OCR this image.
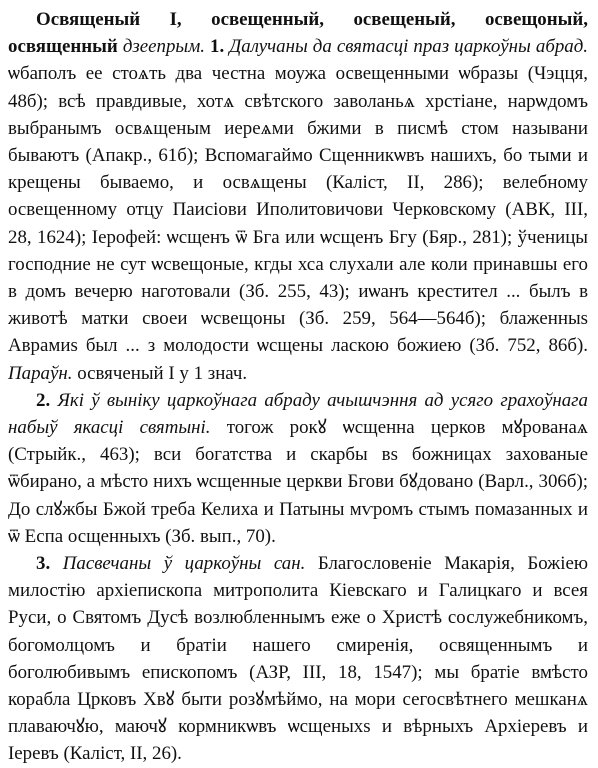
Освященый І, освещенный, освещеный, освещоный, освященный дзеепрым. 1. Далучаны да святасці праз царкоўны абрад. ѡбаполъ ее стоѧть два честна моужа освещенными ѡбразы (Чэцця, 48б); всѣ правдивые, хотѧ свѣтского заволаньѧ хрстіане, нарѡдомъ выбранымъ освѧщеным иереѧми бжими в писмѣ стом называни бываютъ (Апакр., 61б); Вспомагаймо Сщенникѡвъ нашихъ, бо тыми и крещены бываемо, и освѧщены (Каліст, II, 286); велебному освещенному отцу Паисіови Иполитовичови Черковскому (АВК, III, 28, 1624); Іерофей: ѡсщенъ ѿ Бга или ѡсщенъ Бгу (Бяр., 281); ўченицы господние не сут ѡсвещоные, кгды хса слухали але коли принавшы его в домъ вечерю наготовали (Зб. 255, 43); иѡанъ крестител ... былъ в животѣ матки своеи ѡсвещоны (Зб. 259, 564—564б); блаженныѕ Аврамиѕ был ... з молодости ѡсщены ласкою божиею (Зб. 752, 86б). Параўн. освяченый І у 1 знач.

2. Які ў выніку царкоўнага абраду ачышчэння ад усяго грахоўнага набыў якасці святыні. тогож рокꙋ ѡсщенна церков мꙋрованаѧ (Стрыйк., 463); вси богатства и скарбы вѕ божницах захованые ѿбирано, а мѣсто нихъ ѡсщенные церкви Бгови бꙋдовано (Варл., 306б); До слꙋжбы Бжой треба Келиха и Патыны мѵромъ стымъ помазанных и ѿ Еспа осщенныхъ (Зб. вып., 70).

3. Пасвечаны ў царкоўны сан. Благословеніе Макарія, Божіею милостію архіепископа митрополита Кіевскаго и Галицкаго и всея Руси, о Святомъ Дусѣ возлюбленнымъ еже о Христѣ сослужебникомъ, богомолцомъ и братіи нашего смиренія, освященнымъ и боголюбивымъ епископомъ (АЗР, III, 18, 1547); мы братіе вмѣсто корабла Црковъ Хвꙋ быти розꙋмѣймо, на мори сегосвѣтнего мешканѧ плаваючꙋю, маючꙋ кормникѡвъ ѡсщеныхѕ и вѣрныхъ Архіеревъ и Іеревъ (Каліст, II, 26).
